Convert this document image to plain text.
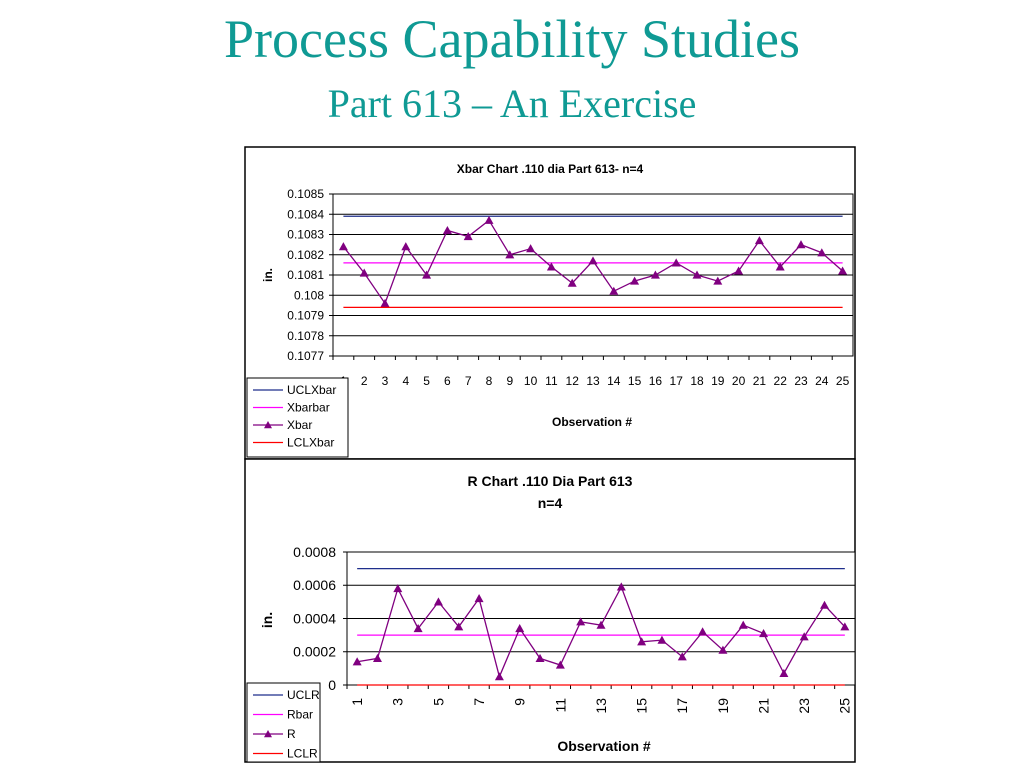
Process Capability Studies
Part 613 – An Exercise
Xbar Chart .110 dia Part 613- n=4
0.1077
0.1078
0.1079
0.108
0.1081
0.1082
0.1083
0.1084
0.1085
2 3 4 5 6 7 8 9 10 11 12 13 14 15 16 17 18 19 20 21 22 23 24 25
Observation #
in.
UCLXbar
Xbarbar
Xbar
LCLXbar
R Chart .110 Dia Part 613
n=4
0
0.0002
0.0004
0.0006
0.0008
1 3 5 7 9 11 13 15 17 19 21 23 25
Observation #
in.
UCLR
Rbar
R
LCLR
